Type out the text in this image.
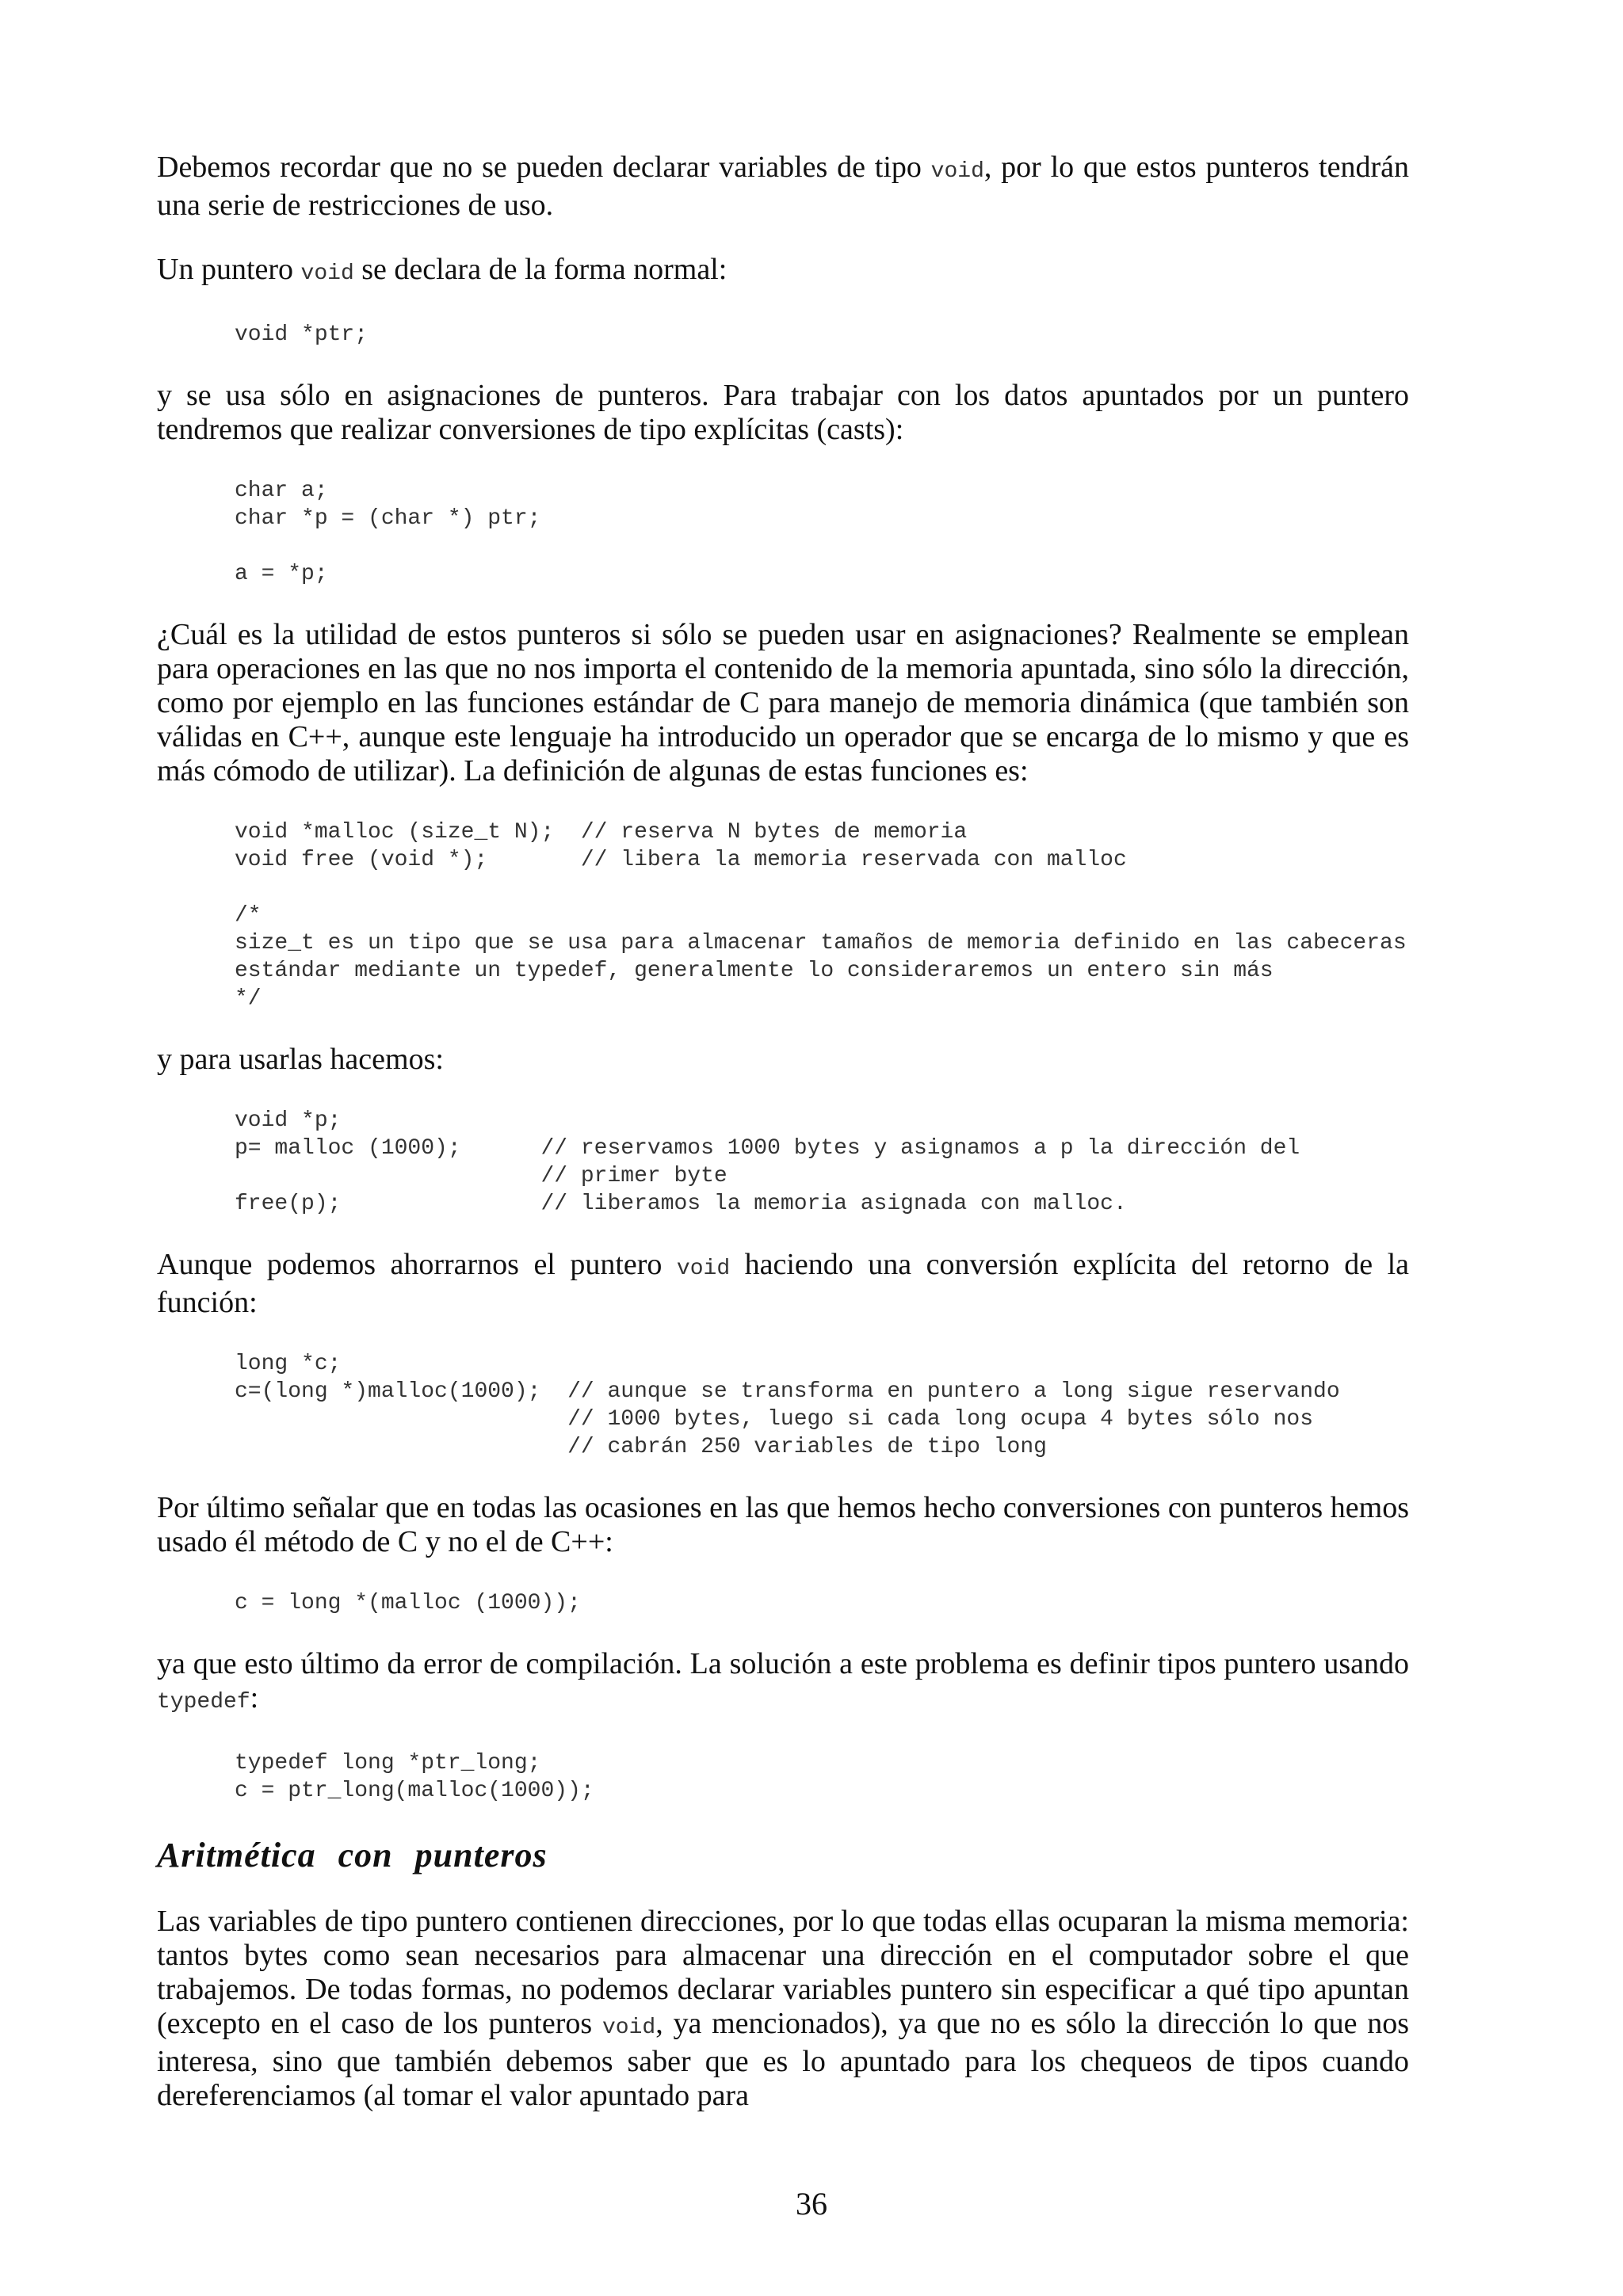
Debemos recordar que no se pueden declarar variables de tipo void, por lo que estos punteros tendrán una serie de restricciones de uso.

Un puntero void se declara de la forma normal:

void *ptr;

y se usa sólo en asignaciones de punteros. Para trabajar con los datos apuntados por un puntero tendremos que realizar conversiones de tipo explícitas (casts):

char a;
char *p = (char *) ptr;
a = *p;

¿Cuál es la utilidad de estos punteros si sólo se pueden usar en asignaciones? Realmente se emplean para operaciones en las que no nos importa el contenido de la memoria apuntada, sino sólo la dirección, como por ejemplo en las funciones estándar de C para manejo de memoria dinámica (que también son válidas en C++, aunque este lenguaje ha introducido un operador que se encarga de lo mismo y que es más cómodo de utilizar). La definición de algunas de estas funciones es:

void *malloc (size_t N);  // reserva N bytes de memoria
void free (void *);       // libera la memoria reservada con malloc
/*
size_t es un tipo que se usa para almacenar tamaños de memoria definido en las cabeceras estándar mediante un typedef, generalmente lo consideraremos un entero sin más
*/

y para usarlas hacemos:

void *p;
p= malloc (1000);      // reservamos 1000 bytes y asignamos a p la dirección del
// primer byte
free(p);               // liberamos la memoria asignada con malloc.

Aunque podemos ahorrarnos el puntero void haciendo una conversión explícita del retorno de la función:

long *c;
c=(long *)malloc(1000);  // aunque se transforma en puntero a long sigue reservando
// 1000 bytes, luego si cada long ocupa 4 bytes sólo nos
// cabrán 250 variables de tipo long

Por último señalar que en todas las ocasiones en las que hemos hecho conversiones con punteros hemos usado él método de C y no el de C++:

c = long *(malloc (1000));

ya que esto último da error de compilación. La solución a este problema es definir tipos puntero usando typedef:

typedef long *ptr_long;
c = ptr_long(malloc(1000));
Aritmética con punteros

Las variables de tipo puntero contienen direcciones, por lo que todas ellas ocuparan la misma memoria: tantos bytes como sean necesarios para almacenar una dirección en el computador sobre el que trabajemos. De todas formas, no podemos declarar variables puntero sin especificar a qué tipo apuntan (excepto en el caso de los punteros void, ya mencionados), ya que no es sólo la dirección lo que nos interesa, sino que también debemos saber que es lo apuntado para los chequeos de tipos cuando dereferenciamos (al tomar el valor apuntado para

36
